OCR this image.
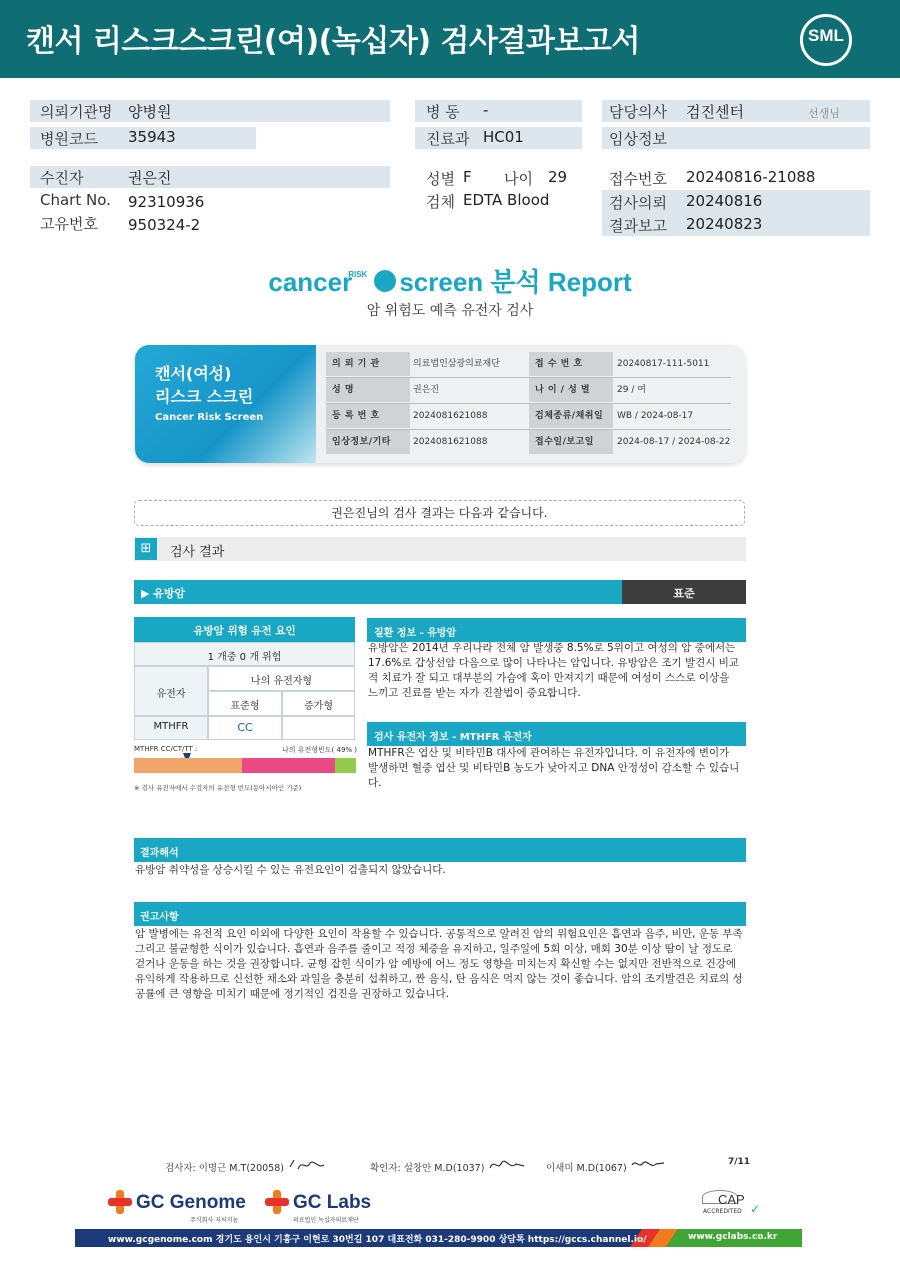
캔서 리스크스크린(여)(녹십자) 검사결과보고서	SML
의뢰기관명 양병원
병원코드 35943
병 동 -
진료과 HC01
담당의사 검진센터	선생님
임상정보
수진자	권은진
Chart No. 92310936
고유번호 950324-2
성별 F 나이 29
검체 EDTA Blood
접수번호 20240816-21088
검사의뢰 20240816
결과보고 20240823
cancer$^{RISK}$ screen 분석 Report
암 위험도 예측 유전자 검사
캔서(여성)
리스크 스크린
Cancer Risk Screen
의 뢰 기 관	의료법인삼광의료재단	접 수 번 호	20240817-111-5011
성 명	권은진	나 이 / 성 별	29 / 여
등 록 번 호	2024081621088	검체종류/채취일	WB / 2024-08-17
임상정보/기타	2024081621088	접수일/보고일	2024-08-17 / 2024-08-22
권은진님의 검사 결과는 다음과 같습니다.
⊞	검사 결과
▶ 유방암	표준
유방암 위험 유전 요인
1 개중 0 개 위험
유전자
나의 유전자형
표준형	증가형
MTHFR	CC
MTHFR CC/CT/TT :	나의 유전형빈도( 49% )
※ 검사 유전자에서 수검자의 유전형 빈도(동아시아인 기준)
질환 정보 - 유방암
유방암은 2014년 우리나라 전체 암 발생중 8.5%로 5위이고 여성의 암 중에서는 17.6%로 갑상선암 다음으로 많이 나타나는 암입니다. 유방암은 조기 발견시 비교적 치료가 잘 되고 대부분의 가슴에 혹이 만져지기 때문에 여성이 스스로 이상을 느끼고 진료를 받는 자가 진찰법이 중요합니다.
검사 유전자 정보 - MTHFR 유전자
MTHFR은 엽산 및 비타민B 대사에 관여하는 유전자입니다. 이 유전자에 변이가 발생하면 혈중 엽산 및 비타민B 농도가 낮아지고 DNA 안정성이 감소할 수 있습니다.
결과해석
유방암 취약성을 상승시킬 수 있는 유전요인이 검출되지 않았습니다.
권고사항
암 발병에는 유전적 요인 이외에 다양한 요인이 작용할 수 있습니다. 공통적으로 알려진 암의 위험요인은 흡연과 음주, 비만, 운동 부족 그리고 불균형한 식이가 있습니다. 흡연과 음주를 줄이고 적정 체중을 유지하고, 일주일에 5회 이상, 매회 30분 이상 땀이 날 정도로 걷거나 운동을 하는 것을 권장합니다. 균형 잡힌 식이가 암 예방에 어느 정도 영향을 미치는지 확신할 수는 없지만 전반적으로 건강에 유익하게 작용하므로 신선한 채소와 과일을 충분히 섭취하고, 짠 음식, 탄 음식은 먹지 않는 것이 좋습니다. 암의 조기발견은 치료의 성공률에 큰 영향을 미치기 때문에 정기적인 검진을 권장하고 있습니다.
검사자: 이명근 M.T(20058)	확인자: 설창안 M.D(1037)	이새미 M.D(1067)
7/11
GC Genome
주식회사 지씨지놈
GC Labs
의료법인 녹십자의료재단
CAP
ACCREDITED ✓
www.gcgenome.com 경기도 용인시 기흥구 이현로 30번길 107 대표전화 031-280-9900 상담톡 https://gccs.channel.io/	www.gclabs.co.kr
